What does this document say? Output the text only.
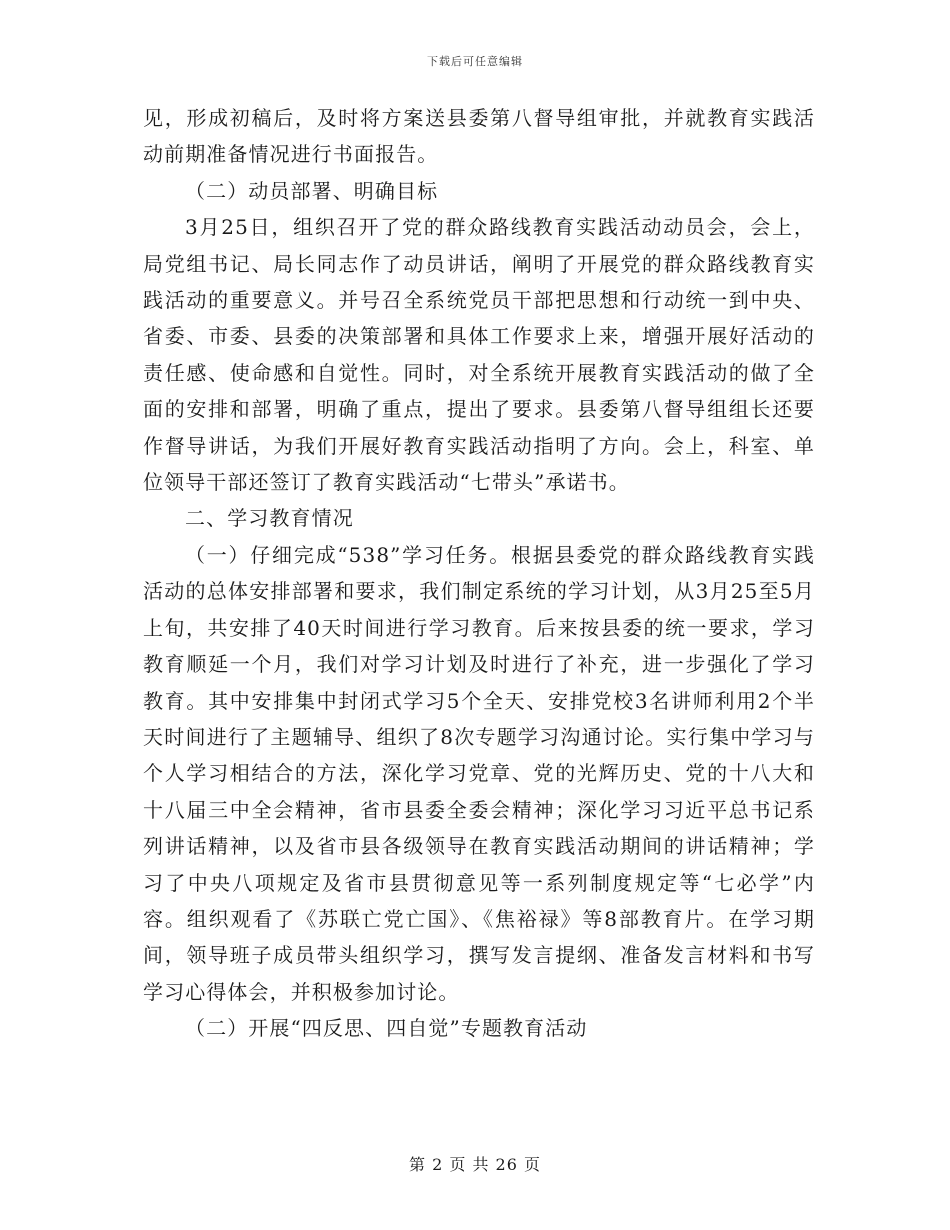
下载后可任意编辑

见，形成初稿后，及时将方案送县委第八督导组审批，并就教育实践活动前期准备情况进行书面报告。

（二）动员部署、明确目标

3月25日，组织召开了党的群众路线教育实践活动动员会，会上，局党组书记、局长同志作了动员讲话，阐明了开展党的群众路线教育实践活动的重要意义。并号召全系统党员干部把思想和行动统一到中央、省委、市委、县委的决策部署和具体工作要求上来，增强开展好活动的责任感、使命感和自觉性。同时，对全系统开展教育实践活动的做了全面的安排和部署，明确了重点，提出了要求。县委第八督导组组长还要作督导讲话，为我们开展好教育实践活动指明了方向。会上，科室、单位领导干部还签订了教育实践活动“七带头”承诺书。

二、学习教育情况

（一）仔细完成“538”学习任务。根据县委党的群众路线教育实践活动的总体安排部署和要求，我们制定系统的学习计划，从3月25至5月上旬，共安排了40天时间进行学习教育。后来按县委的统一要求，学习教育顺延一个月，我们对学习计划及时进行了补充，进一步强化了学习教育。其中安排集中封闭式学习5个全天、安排党校3名讲师利用2个半天时间进行了主题辅导、组织了8次专题学习沟通讨论。实行集中学习与个人学习相结合的方法，深化学习党章、党的光辉历史、党的十八大和十八届三中全会精神，省市县委全委会精神；深化学习习近平总书记系列讲话精神，以及省市县各级领导在教育实践活动期间的讲话精神；学习了中央八项规定及省市县贯彻意见等一系列制度规定等“七必学”内容。组织观看了《苏联亡党亡国》、《焦裕禄》等8部教育片。在学习期间，领导班子成员带头组织学习，撰写发言提纲、准备发言材料和书写学习心得体会，并积极参加讨论。

（二）开展“四反思、四自觉”专题教育活动

第 2 页 共 26 页
